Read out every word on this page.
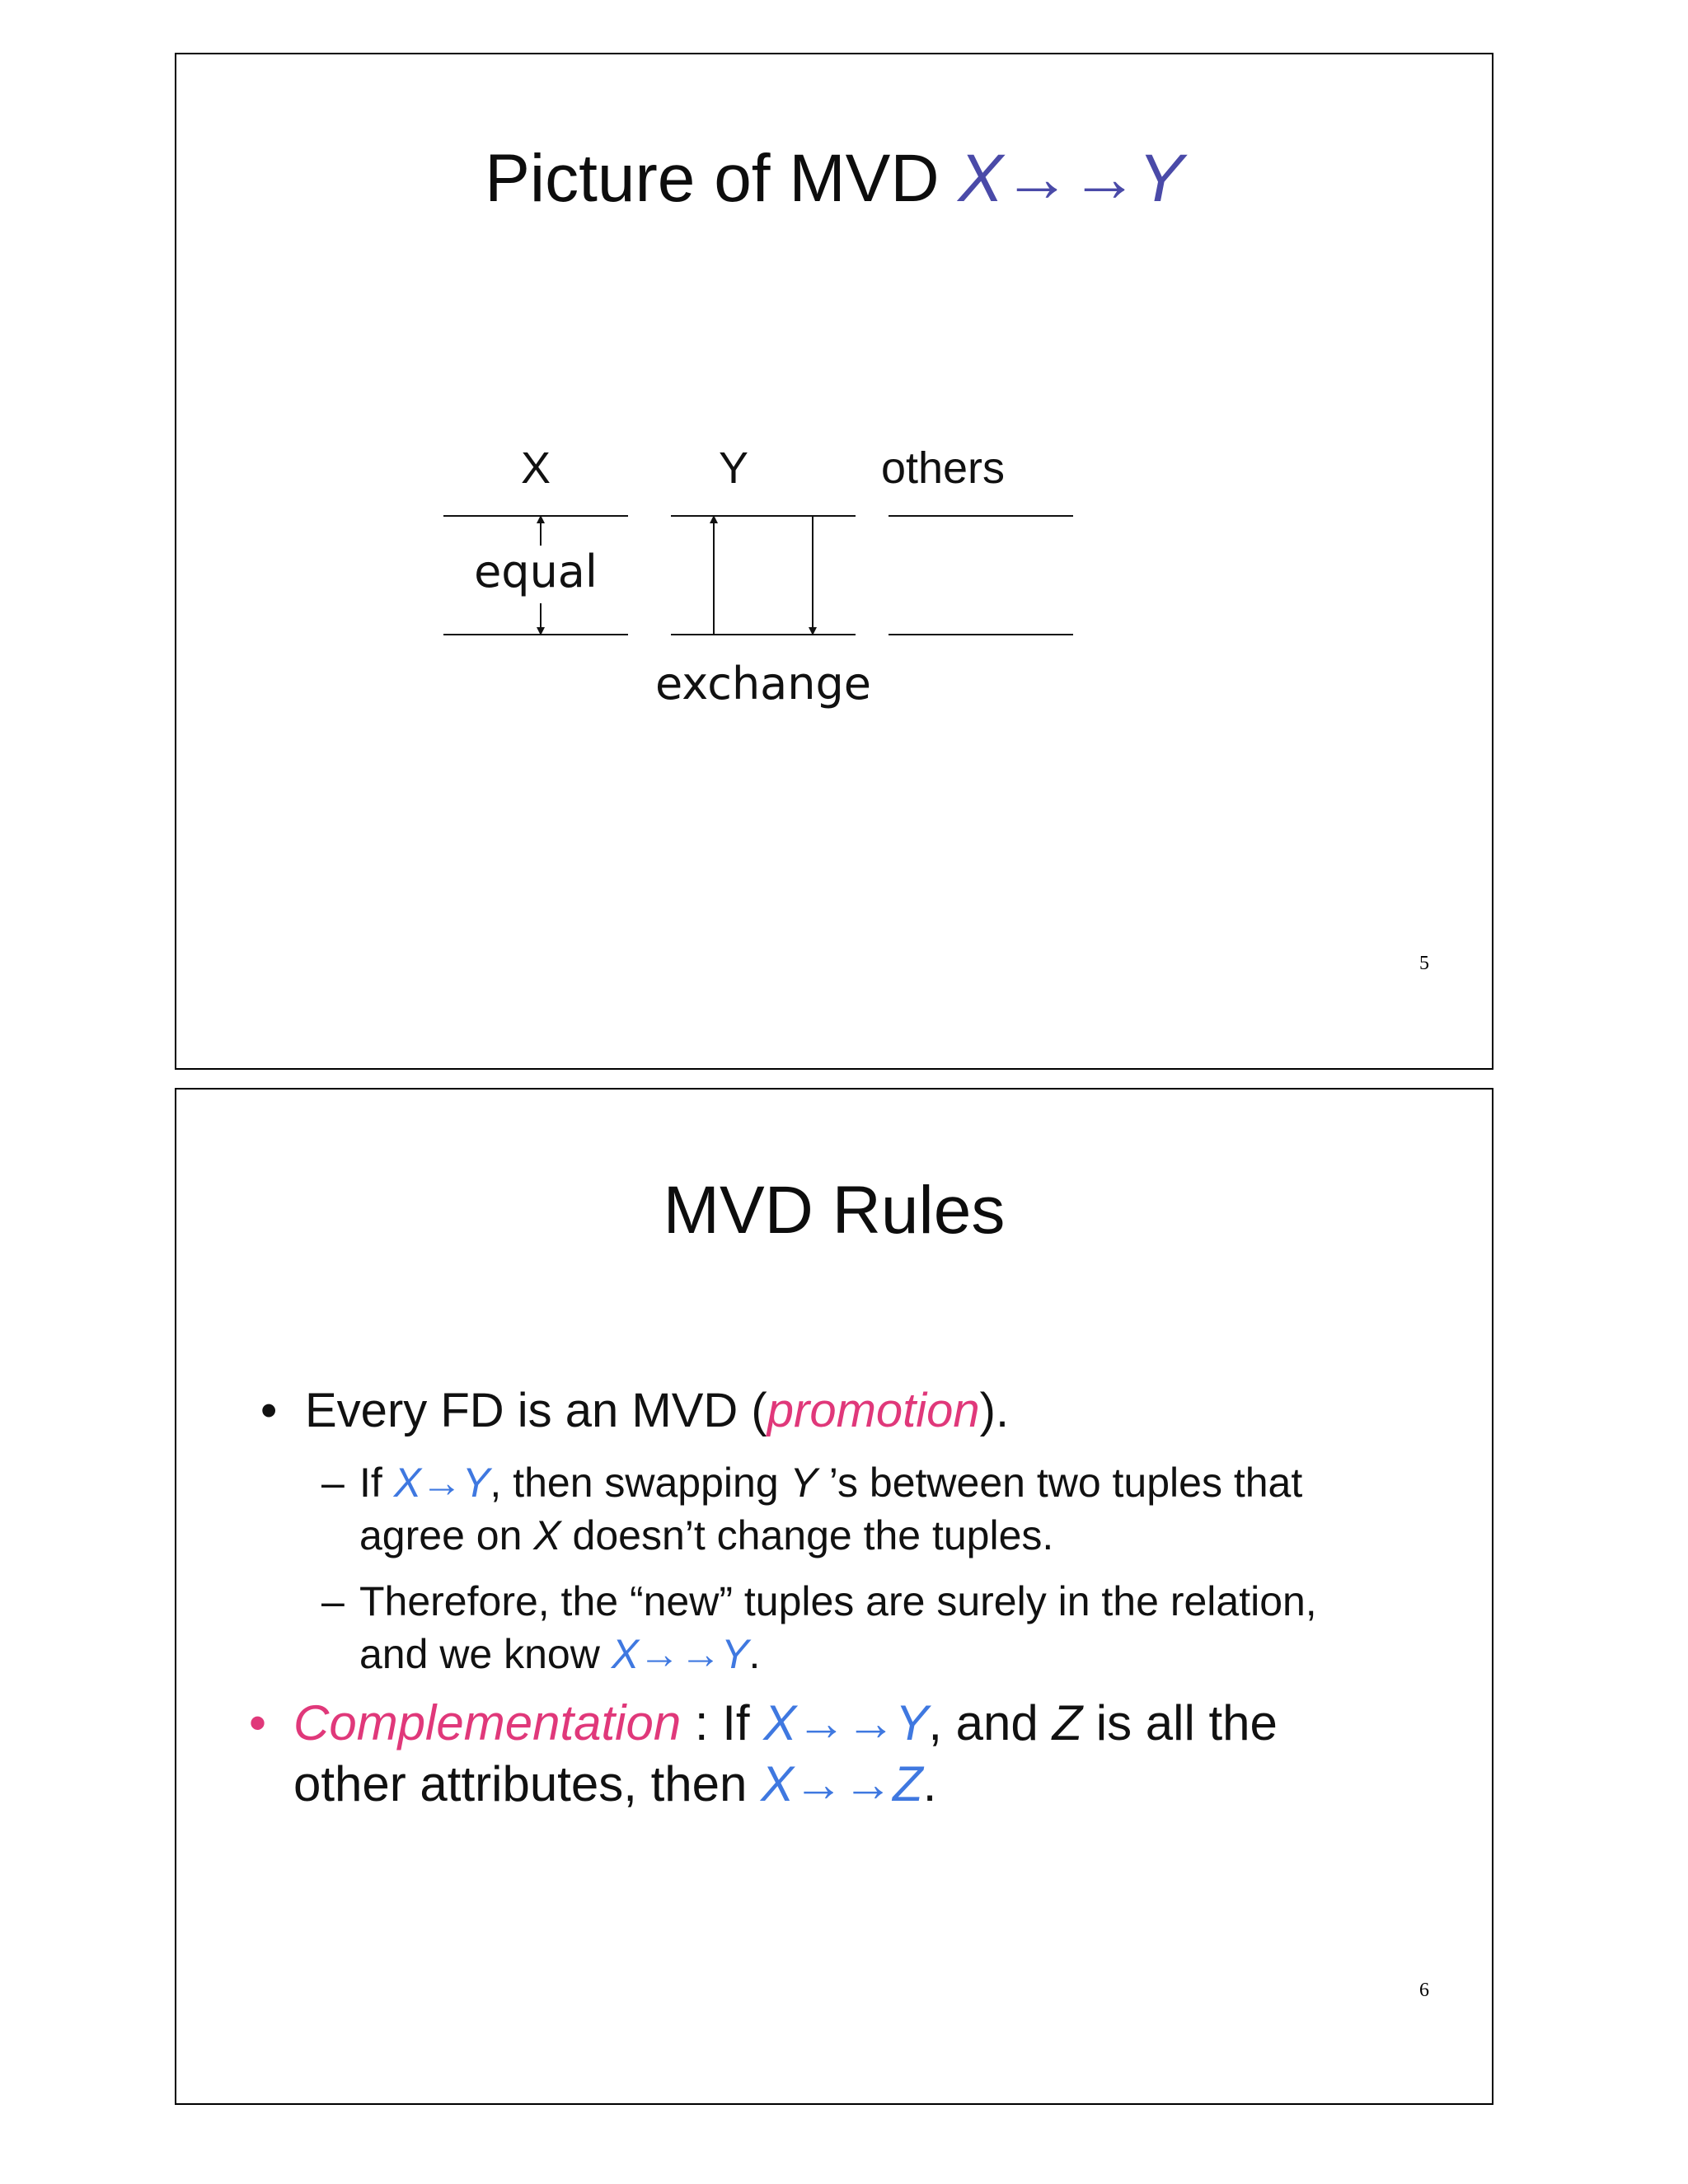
Picture of MVD X→→Y
X	Y	others
equal
exchange
5
MVD Rules
• Every FD is an MVD (promotion).
– If X→Y, then swapping Y ’s between two tuples that
agree on X doesn’t change the tuples.
– Therefore, the “new” tuples are surely in the relation,
and we know X→→Y.
• Complementation : If X→→Y, and Z is all the
other attributes, then X→→Z.
6
